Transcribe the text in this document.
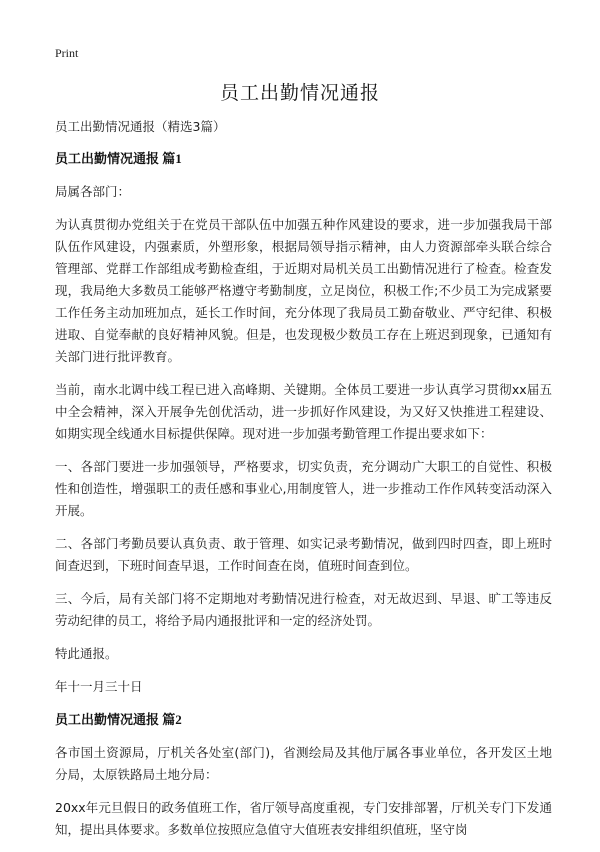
Print
员工出勤情况通报

员工出勤情况通报（精选3篇）

员工出勤情况通报 篇1

局属各部门：

为认真贯彻办党组关于在党员干部队伍中加强五种作风建设的要求，进一步加强我局干部队伍作风建设，内强素质，外塑形象，根据局领导指示精神，由人力资源部牵头联合综合管理部、党群工作部组成考勤检查组，于近期对局机关员工出勤情况进行了检查。检查发现，我局绝大多数员工能够严格遵守考勤制度，立足岗位，积极工作;不少员工为完成紧要工作任务主动加班加点，延长工作时间，充分体现了我局员工勤奋敬业、严守纪律、积极进取、自觉奉献的良好精神风貌。但是，也发现极少数员工存在上班迟到现象，已通知有关部门进行批评教育。

当前，南水北调中线工程已进入高峰期、关键期。全体员工要进一步认真学习贯彻xx届五中全会精神，深入开展争先创优活动，进一步抓好作风建设，为又好又快推进工程建设、如期实现全线通水目标提供保障。现对进一步加强考勤管理工作提出要求如下：

一、各部门要进一步加强领导，严格要求，切实负责，充分调动广大职工的自觉性、积极性和创造性，增强职工的责任感和事业心,用制度管人，进一步推动工作作风转变活动深入开展。

二、各部门考勤员要认真负责、敢于管理、如实记录考勤情况，做到四时四查，即上班时间查迟到，下班时间查早退，工作时间查在岗，值班时间查到位。

三、今后，局有关部门将不定期地对考勤情况进行检查，对无故迟到、早退、旷工等违反劳动纪律的员工，将给予局内通报批评和一定的经济处罚。

特此通报。

年十一月三十日

员工出勤情况通报 篇2

各市国土资源局，厅机关各处室(部门)，省测绘局及其他厅属各事业单位，各开发区土地分局，太原铁路局土地分局：

20xx年元旦假日的政务值班工作，省厅领导高度重视，专门安排部署，厅机关专门下发通知，提出具体要求。多数单位按照应急值守大值班表安排组织值班，坚守岗
